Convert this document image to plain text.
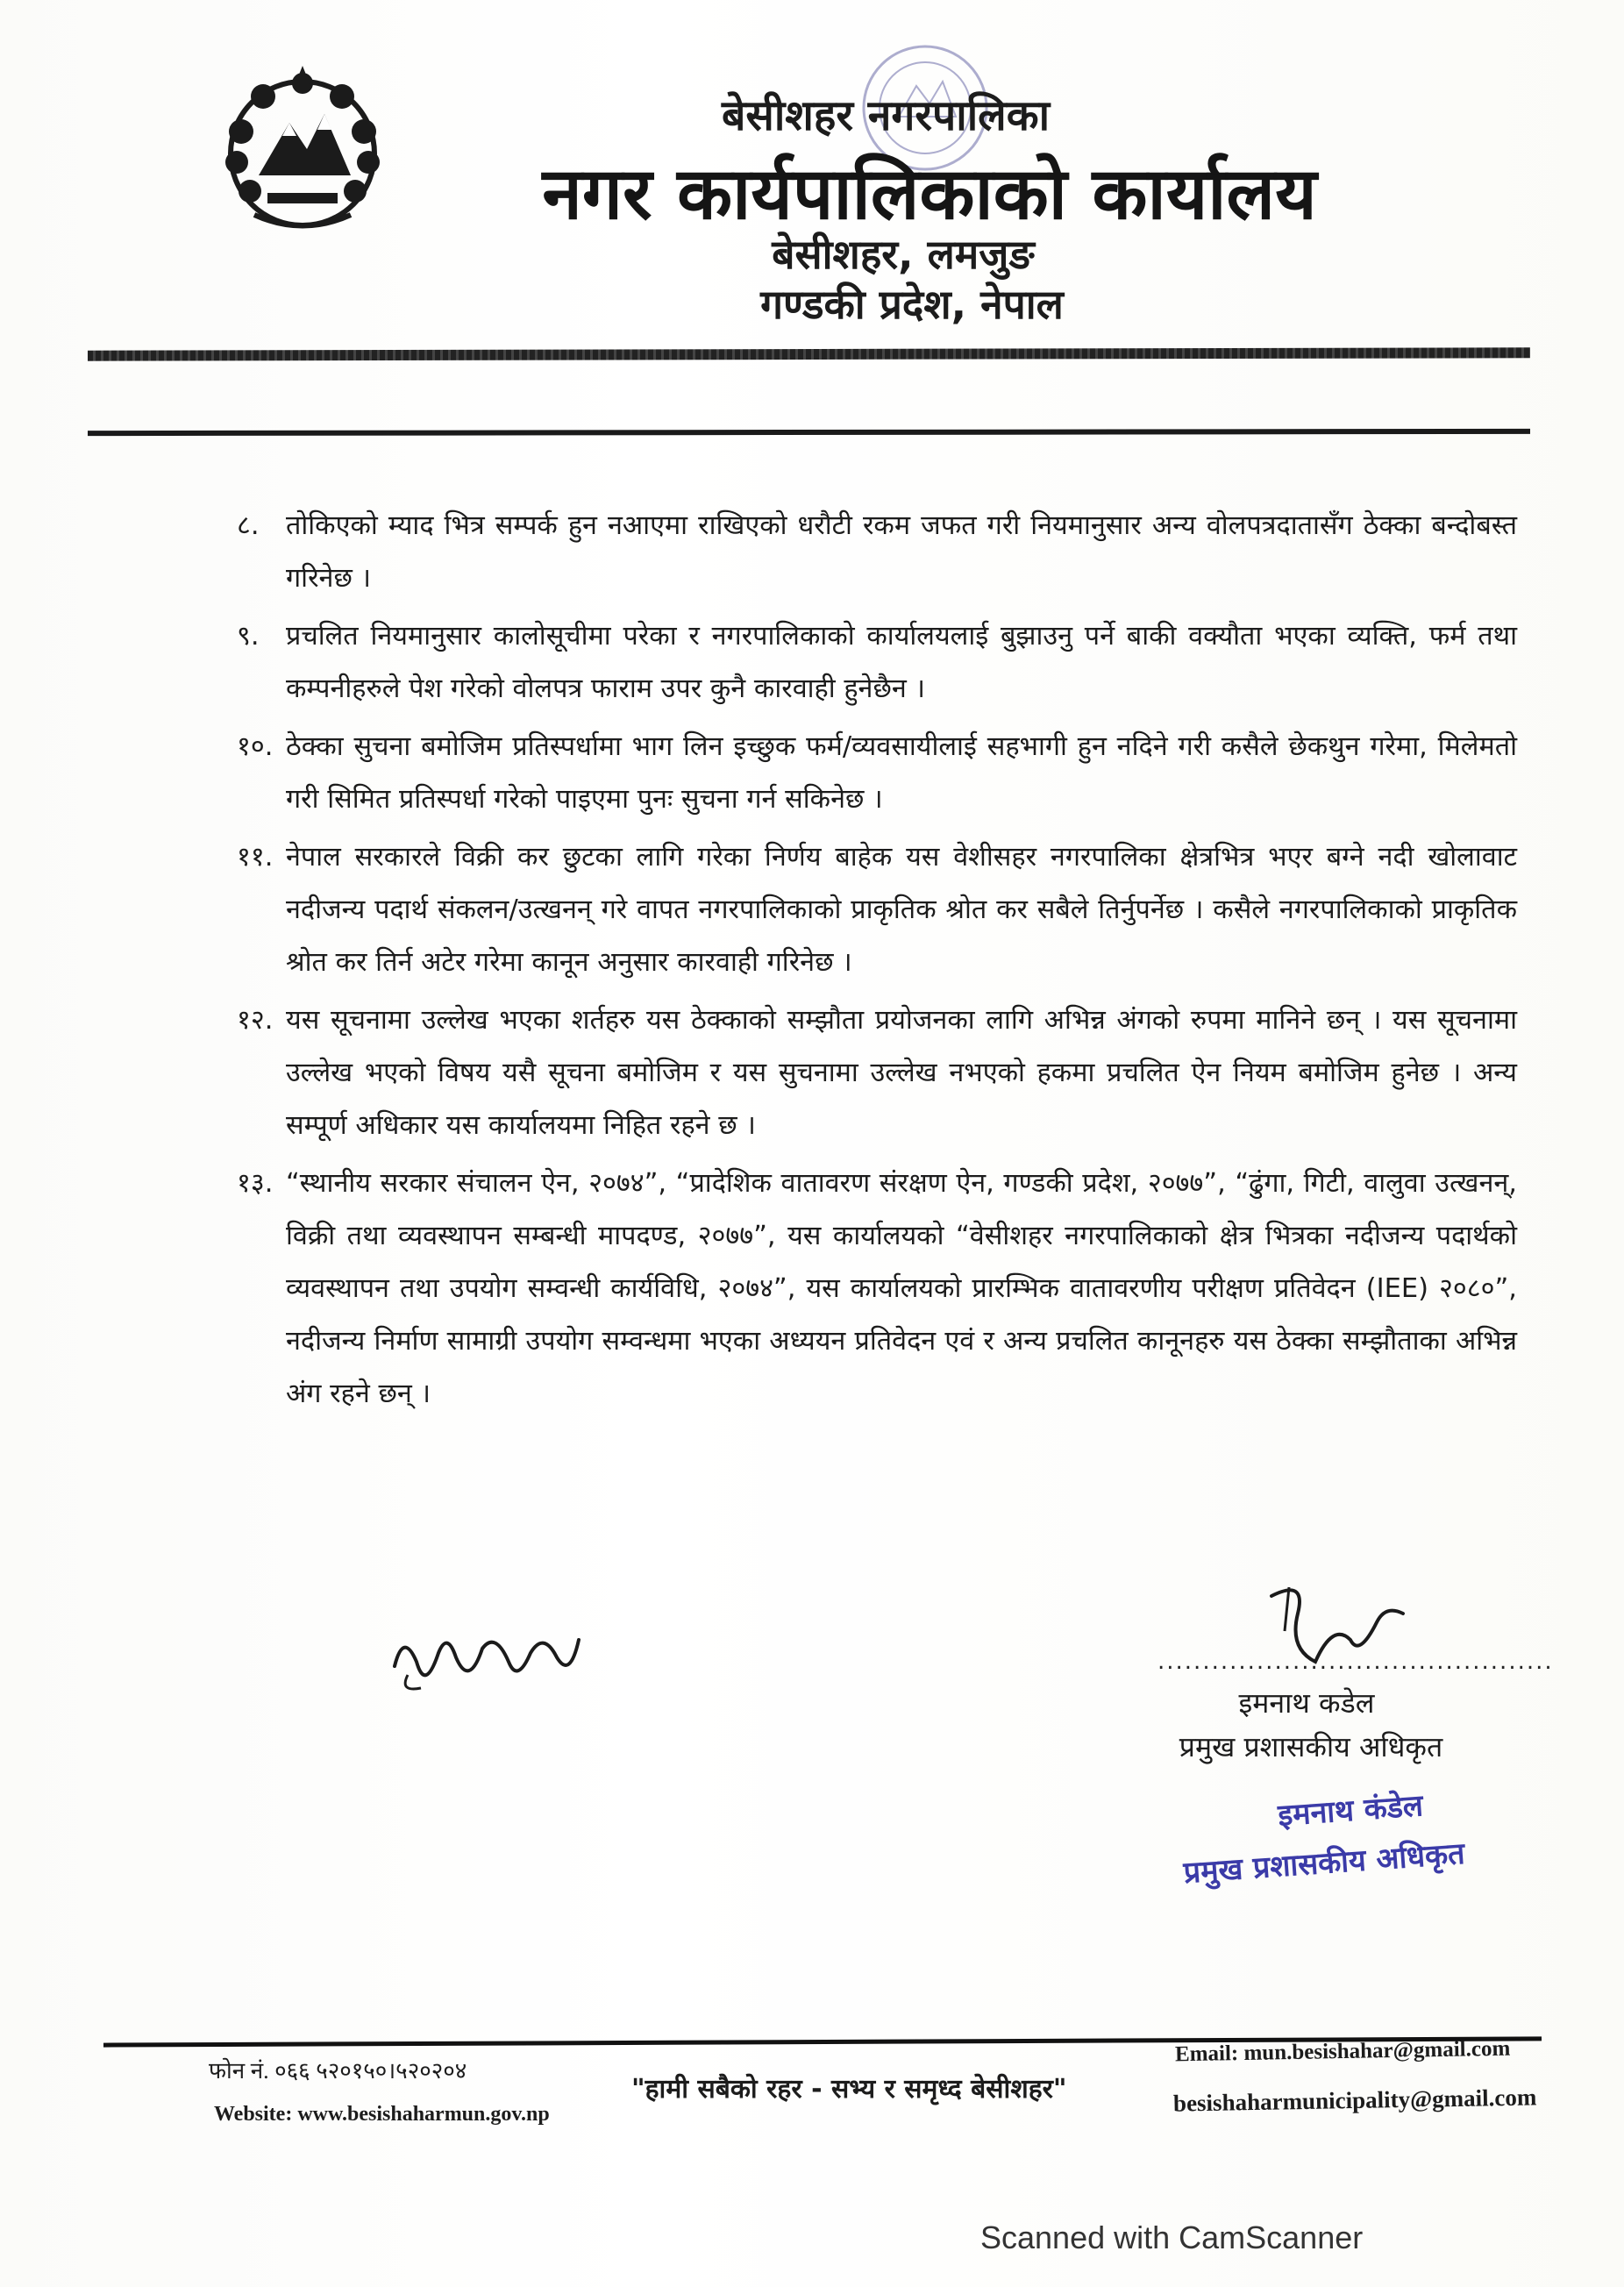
बेसीशहर नगरपालिका
नगर कार्यपालिकाको कार्यालय
बेसीशहर, लमजुङ
गण्डकी प्रदेश, नेपाल
८. तोकिएको म्याद भित्र सम्पर्क हुन नआएमा राखिएको धरौटी रकम जफत गरी नियमानुसार अन्य वोलपत्रदातासँग ठेक्का बन्दोबस्त गरिनेछ ।
९. प्रचलित नियमानुसार कालोसूचीमा परेका र नगरपालिकाको कार्यालयलाई बुझाउनु पर्ने बाकी वक्यौता भएका व्यक्ति, फर्म तथा कम्पनीहरुले पेश गरेको वोलपत्र फाराम उपर कुनै कारवाही हुनेछैन ।
१०. ठेक्का सुचना बमोजिम प्रतिस्पर्धामा भाग लिन इच्छुक फर्म/व्यवसायीलाई सहभागी हुन नदिने गरी कसैले छेकथुन गरेमा, मिलेमतो गरी सिमित प्रतिस्पर्धा गरेको पाइएमा पुनः सुचना गर्न सकिनेछ ।
११. नेपाल सरकारले विक्री कर छुटका लागि गरेका निर्णय बाहेक यस वेशीसहर नगरपालिका क्षेत्रभित्र भएर बग्ने नदी खोलावाट नदीजन्य पदार्थ संकलन/उत्खनन् गरे वापत नगरपालिकाको प्राकृतिक श्रोत कर सबैले तिर्नुपर्नेछ । कसैले नगरपालिकाको प्राकृतिक श्रोत कर तिर्न अटेर गरेमा कानून अनुसार कारवाही गरिनेछ ।
१२. यस सूचनामा उल्लेख भएका शर्तहरु यस ठेक्काको सम्झौता प्रयोजनका लागि अभिन्न अंगको रुपमा मानिने छन् । यस सूचनामा उल्लेख भएको विषय यसै सूचना बमोजिम र यस सुचनामा उल्लेख नभएको हकमा प्रचलित ऐन नियम बमोजिम हुनेछ । अन्य सम्पूर्ण अधिकार यस कार्यालयमा निहित रहने छ ।
१३. “स्थानीय सरकार संचालन ऐन, २०७४”, “प्रादेशिक वातावरण संरक्षण ऐन, गण्डकी प्रदेश, २०७७”, “ढुंगा, गिटी, वालुवा उत्खनन्, विक्री तथा व्यवस्थापन सम्बन्धी मापदण्ड, २०७७”, यस कार्यालयको “वेसीशहर नगरपालिकाको क्षेत्र भित्रका नदीजन्य पदार्थको व्यवस्थापन तथा उपयोग सम्वन्धी कार्यविधि, २०७४”, यस कार्यालयको प्रारम्भिक वातावरणीय परीक्षण प्रतिवेदन (IEE) २०८०”, नदीजन्य निर्माण सामाग्री उपयोग सम्वन्धमा भएका अध्ययन प्रतिवेदन एवं र अन्य प्रचलित कानूनहरु यस ठेक्का सम्झौताका अभिन्न अंग रहने छन् ।
............................................
इमनाथ कडेल
प्रमुख प्रशासकीय अधिकृत
इमनाथ कंडेल
प्रमुख प्रशासकीय अधिकृत
फोन नं. ०६६ ५२०१५०।५२०२०४
Website: www.besishaharmun.gov.np
"हामी सबैको रहर - सभ्य र समृध्द बेसीशहर"
Email: mun.besishahar@gmail.com
besishaharmunicipality@gmail.com
Scanned with CamScanner
